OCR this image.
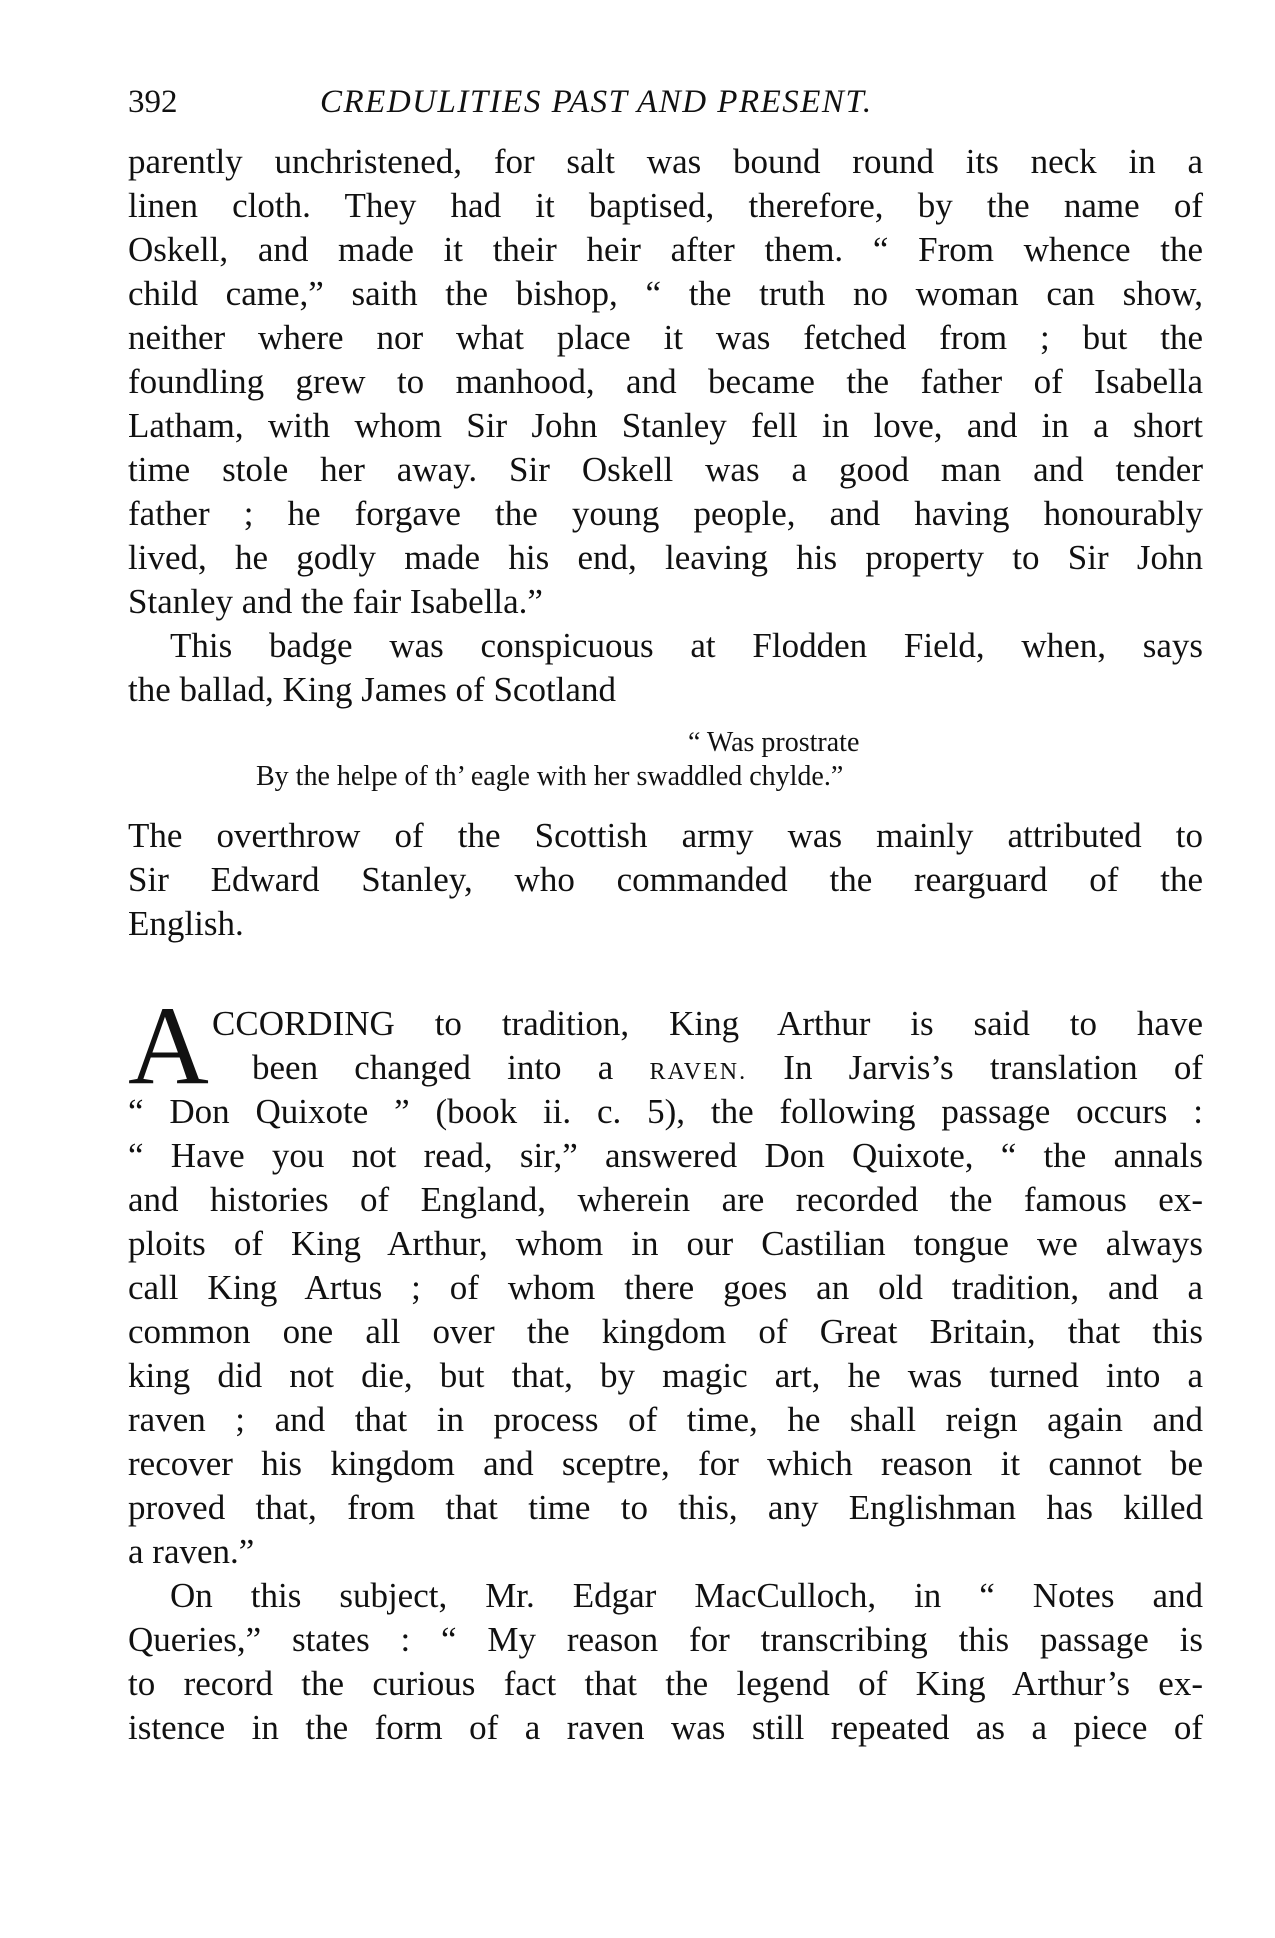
392	CREDULITIES PAST AND PRESENT.
parently unchristened, for salt was bound round its neck in a
linen cloth. They had it baptised, therefore, by the name of
Oskell, and made it their heir after them. “ From whence the
child came,” saith the bishop, “ the truth no woman can show,
neither where nor what place it was fetched from ; but the
foundling grew to manhood, and became the father of Isabella
Latham, with whom Sir John Stanley fell in love, and in a short
time stole her away. Sir Oskell was a good man and tender
father ; he forgave the young people, and having honourably
lived, he godly made his end, leaving his property to Sir John
Stanley and the fair Isabella.”
This badge was conspicuous at Flodden Field, when, says
the ballad, King James of Scotland
“ Was prostrate
By the helpe of th’ eagle with her swaddled chylde.”
The overthrow of the Scottish army was mainly attributed to
Sir Edward Stanley, who commanded the rearguard of the
English.
A CCORDING to tradition, King Arthur is said to have
been changed into a RAVEN. In Jarvis’s translation of
“ Don Quixote ” (book ii. c. 5), the following passage occurs :
“ Have you not read, sir,” answered Don Quixote, “ the annals
and histories of England, wherein are recorded the famous ex-
ploits of King Arthur, whom in our Castilian tongue we always
call King Artus ; of whom there goes an old tradition, and a
common one all over the kingdom of Great Britain, that this
king did not die, but that, by magic art, he was turned into a
raven ; and that in process of time, he shall reign again and
recover his kingdom and sceptre, for which reason it cannot be
proved that, from that time to this, any Englishman has killed
a raven.”
On this subject, Mr. Edgar MacCulloch, in “ Notes and
Queries,” states : “ My reason for transcribing this passage is
to record the curious fact that the legend of King Arthur’s ex-
istence in the form of a raven was still repeated as a piece of
